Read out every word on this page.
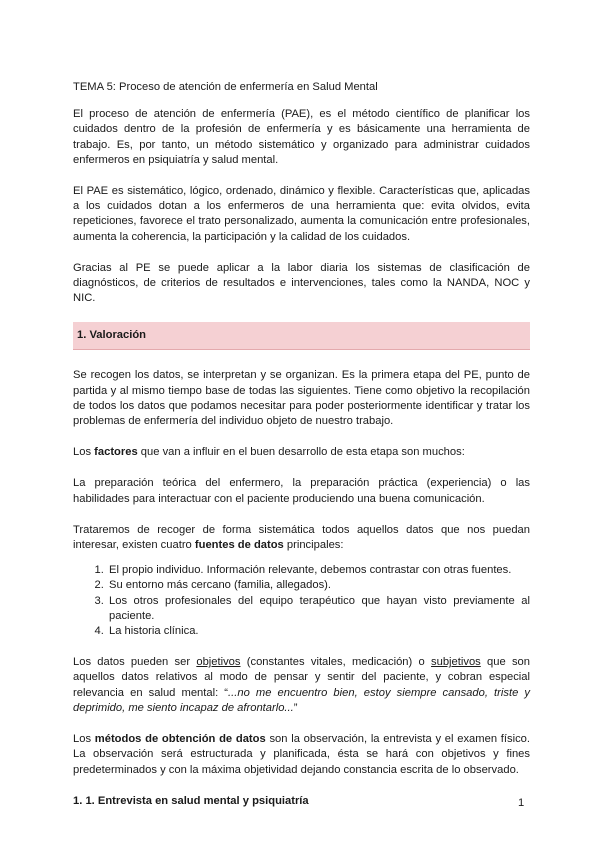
TEMA 5: Proceso de atención de enfermería en Salud Mental

El proceso de atención de enfermería (PAE), es el método científico de planificar los cuidados dentro de la profesión de enfermería y es básicamente una herramienta de trabajo. Es, por tanto, un método sistemático y organizado para administrar cuidados enfermeros en psiquiatría y salud mental.

El PAE es sistemático, lógico, ordenado, dinámico y flexible. Características que, aplicadas a los cuidados dotan a los enfermeros de una herramienta que: evita olvidos, evita repeticiones, favorece el trato personalizado, aumenta la comunicación entre profesionales, aumenta la coherencia, la participación y la calidad de los cuidados.

Gracias al PE se puede aplicar a la labor diaria los sistemas de clasificación de diagnósticos, de criterios de resultados e intervenciones, tales como la NANDA, NOC y NIC.

1. Valoración

Se recogen los datos, se interpretan y se organizan. Es la primera etapa del PE, punto de partida y al mismo tiempo base de todas las siguientes. Tiene como objetivo la recopilación de todos los datos que podamos necesitar para poder posteriormente identificar y tratar los problemas de enfermería del individuo objeto de nuestro trabajo.

Los factores que van a influir en el buen desarrollo de esta etapa son muchos:

La preparación teórica del enfermero, la preparación práctica (experiencia) o las habilidades para interactuar con el paciente produciendo una buena comunicación.

Trataremos de recoger de forma sistemática todos aquellos datos que nos puedan interesar, existen cuatro fuentes de datos principales:

1. El propio individuo. Información relevante, debemos contrastar con otras fuentes.
2. Su entorno más cercano (familia, allegados).
3. Los otros profesionales del equipo terapéutico que hayan visto previamente al paciente.
4. La historia clínica.

Los datos pueden ser objetivos (constantes vitales, medicación) o subjetivos que son aquellos datos relativos al modo de pensar y sentir del paciente, y cobran especial relevancia en salud mental: “...no me encuentro bien, estoy siempre cansado, triste y deprimido, me siento incapaz de afrontarlo...”

Los métodos de obtención de datos son la observación, la entrevista y el examen físico. La observación será estructurada y planificada, ésta se hará con objetivos y fines predeterminados y con la máxima objetividad dejando constancia escrita de lo observado.

1. 1. Entrevista en salud mental y psiquiatría	1
